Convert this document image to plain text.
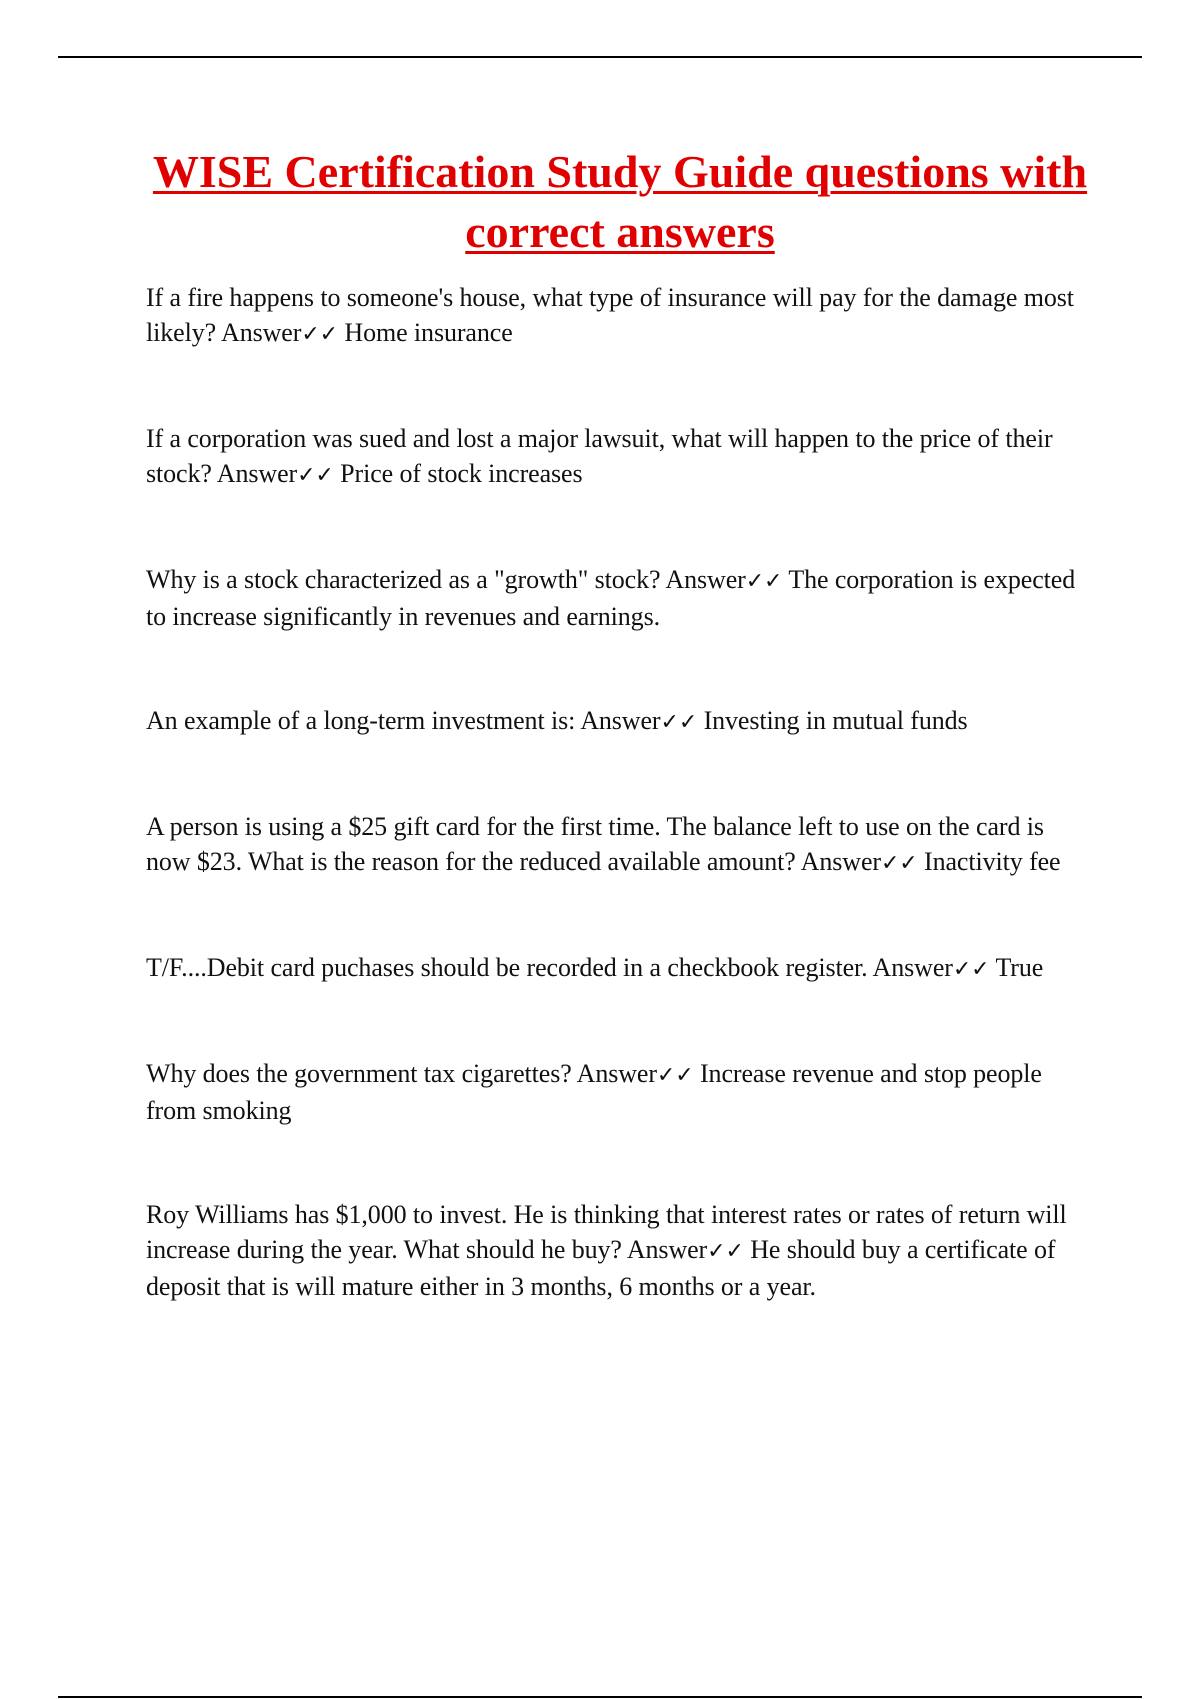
WISE Certification Study Guide questions with correct answers

If a fire happens to someone's house, what type of insurance will pay for the damage most likely? Answer✓✓ Home insurance

If a corporation was sued and lost a major lawsuit, what will happen to the price of their stock? Answer✓✓ Price of stock increases

Why is a stock characterized as a "growth" stock? Answer✓✓ The corporation is expected to increase significantly in revenues and earnings.

An example of a long-term investment is: Answer✓✓ Investing in mutual funds

A person is using a $25 gift card for the first time. The balance left to use on the card is now $23. What is the reason for the reduced available amount? Answer✓✓ Inactivity fee

T/F....Debit card puchases should be recorded in a checkbook register. Answer✓✓ True

Why does the government tax cigarettes? Answer✓✓ Increase revenue and stop people from smoking

Roy Williams has $1,000 to invest. He is thinking that interest rates or rates of return will increase during the year. What should he buy? Answer✓✓ He should buy a certificate of deposit that is will mature either in 3 months, 6 months or a year.
